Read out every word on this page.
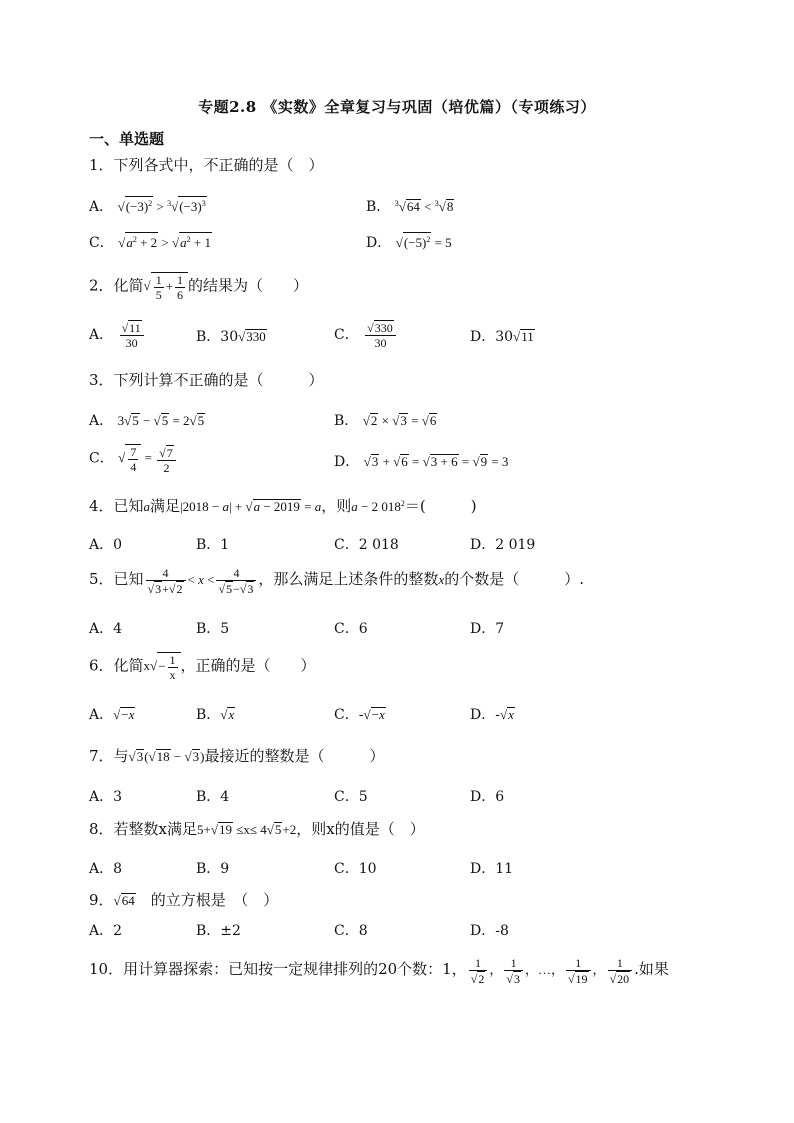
专题2.8 《实数》全章复习与巩固（培优篇）（专项练习）
一、单选题
1．下列各式中，不正确的是（　）
A． $√(-3)^2 > ^3√(-3)^3$	B． $^3$√64 < $^3$√8
C． $√a^2 + 2 > √a^2 + 1$	D． $√(-5)^2 = 5$
2．化简√ $\frac{1}{5} + \frac{1}{6}$ 的结果为（　　）
A． $\frac{√11}{30}$	B．30√330	C． $\frac{√330}{30}$	D．30√11
3．下列计算不正确的是（　　　）
A． 3√5 − √5 = 2√5	B． √2 × √3 = √6
C． √ $\frac{7}{4} = \frac{√7}{2}$	D． √3 + √6 = √3 + 6 = √9 = 3
4．已知a满足|2018 − a| + √a − 2019 = a，则a − 2 $018^2=$(　　　)
A．0	B．1	C．2 018	D．2 019
5．已知 $\frac{4}{√3+√2} < x < \frac{4}{√5-√3}$ ，那么满足上述条件的整数x的个数是（　　　）.
A．4	B．5	C．6	D．7
6．化简$x√- \frac{1}{x}$ ，正确的是（　　）
A．√−x	B．√x	C．-√−x	D．-√x
7．与√3(√18 − √3)最接近的整数是（　　　）
A．3	B．4	C．5	D．6
8．若整数x满足5+√19 ≤x≤ 4√5+2，则x的值是（　）
A．8	B．9	C．10	D．11
9．√64　 的立方根是　（　）
A．2	B．±2	C．8	D．-8
10．用计算器探索：已知按一定规律排列的20个数：1， $\frac{1}{√2}$ ， $\frac{1}{√3}$ ，…， $\frac{1}{√19}$ ， $\frac{1}{√20}$ .如果
